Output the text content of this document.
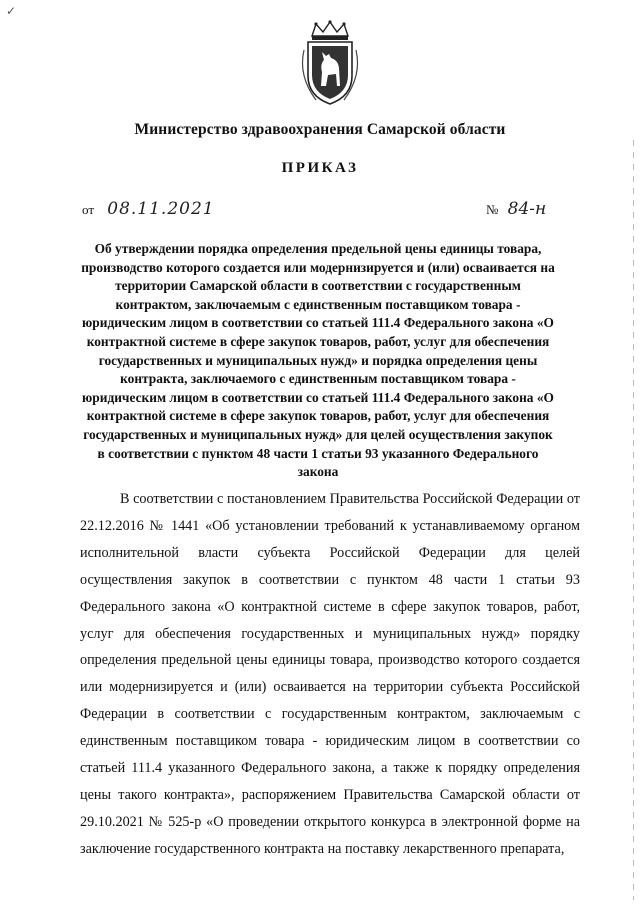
✓
Министерство здравоохранения Самарской области
ПРИКАЗ
от 08.11.2021	№ 84-н
Об утверждении порядка определения предельной цены единицы товара, производство которого создается или модернизируется и (или) осваивается на территории Самарской области в соответствии с государственным контрактом, заключаемым с единственным поставщиком товара - юридическим лицом в соответствии со статьей 111.4 Федерального закона «О контрактной системе в сфере закупок товаров, работ, услуг для обеспечения государственных и муниципальных нужд» и порядка определения цены контракта, заключаемого с единственным поставщиком товара - юридическим лицом в соответствии со статьей 111.4 Федерального закона «О контрактной системе в сфере закупок товаров, работ, услуг для обеспечения государственных и муниципальных нужд» для целей осуществления закупок в соответствии с пунктом 48 части 1 статьи 93 указанного Федерального закона

В соответствии с постановлением Правительства Российской Федерации от 22.12.2016 № 1441 «Об установлении требований к устанавливаемому органом исполнительной власти субъекта Российской Федерации для целей осуществления закупок в соответствии с пунктом 48 части 1 статьи 93 Федерального закона «О контрактной системе в сфере закупок товаров, работ, услуг для обеспечения государственных и муниципальных нужд» порядку определения предельной цены единицы товара, производство которого создается или модернизируется и (или) осваивается на территории субъекта Российской Федерации в соответствии с государственным контрактом, заключаемым с единственным поставщиком товара - юридическим лицом в соответствии со статьей 111.4 указанного Федерального закона, а также к порядку определения цены такого контракта», распоряжением Правительства Самарской области от 29.10.2021 № 525-р «О проведении открытого конкурса в электронной форме на заключение государственного контракта на поставку лекарственного препарата,
